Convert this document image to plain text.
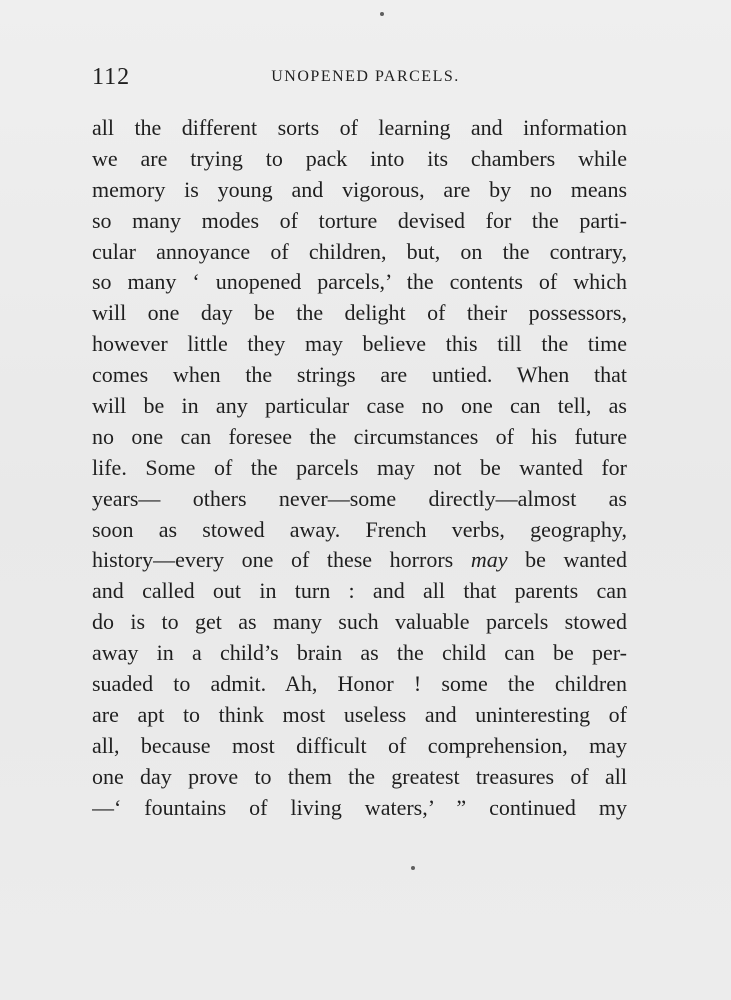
112	UNOPENED PARCELS.
all the different sorts of learning and information
we are trying to pack into its chambers while
memory is young and vigorous, are by no means
so many modes of torture devised for the parti-
cular annoyance of children, but, on the contrary,
so many ‘ unopened parcels,’ the contents of which
will one day be the delight of their possessors,
however little they may believe this till the time
comes when the strings are untied. When that
will be in any particular case no one can tell, as
no one can foresee the circumstances of his future
life. Some of the parcels may not be wanted for
years— others never—some directly—almost as
soon as stowed away. French verbs, geography,
history—every one of these horrors may be wanted
and called out in turn : and all that parents can
do is to get as many such valuable parcels stowed
away in a child’s brain as the child can be per-
suaded to admit. Ah, Honor ! some the children
are apt to think most useless and uninteresting of
all, because most difficult of comprehension, may
one day prove to them the greatest treasures of all
—‘ fountains of living waters,’ ” continued my
